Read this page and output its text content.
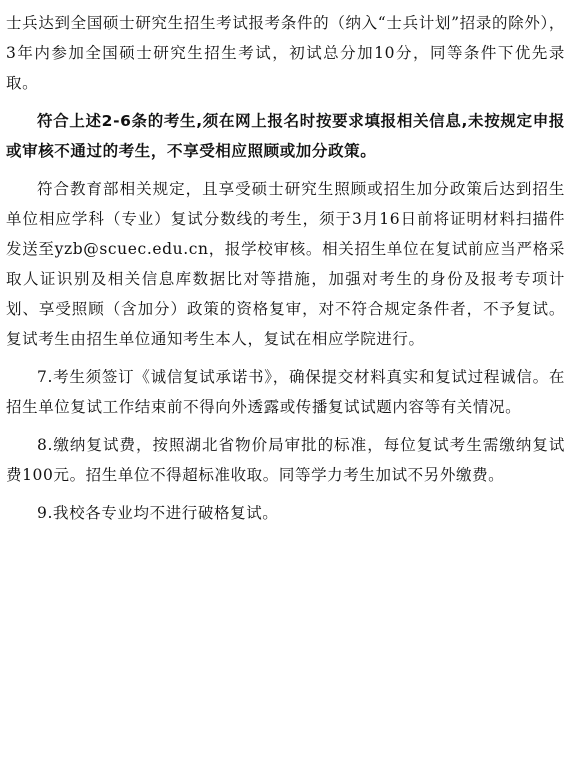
士兵达到全国硕士研究生招生考试报考条件的（纳入“士兵计划”招录的除外），3年内参加全国硕士研究生招生考试，初试总分加10分，同等条件下优先录取。

符合上述2-6条的考生,须在网上报名时按要求填报相关信息,未按规定申报或审核不通过的考生，不享受相应照顾或加分政策。

符合教育部相关规定，且享受硕士研究生照顾或招生加分政策后达到招生单位相应学科（专业）复试分数线的考生，须于3月16日前将证明材料扫描件发送至yzb@scuec.edu.cn，报学校审核。相关招生单位在复试前应当严格采取人证识别及相关信息库数据比对等措施，加强对考生的身份及报考专项计划、享受照顾（含加分）政策的资格复审，对不符合规定条件者，不予复试。复试考生由招生单位通知考生本人，复试在相应学院进行。

7.考生须签订《诚信复试承诺书》，确保提交材料真实和复试过程诚信。在招生单位复试工作结束前不得向外透露或传播复试试题内容等有关情况。

8.缴纳复试费，按照湖北省物价局审批的标准，每位复试考生需缴纳复试费100元。招生单位不得超标准收取。同等学力考生加试不另外缴费。

9.我校各专业均不进行破格复试。
